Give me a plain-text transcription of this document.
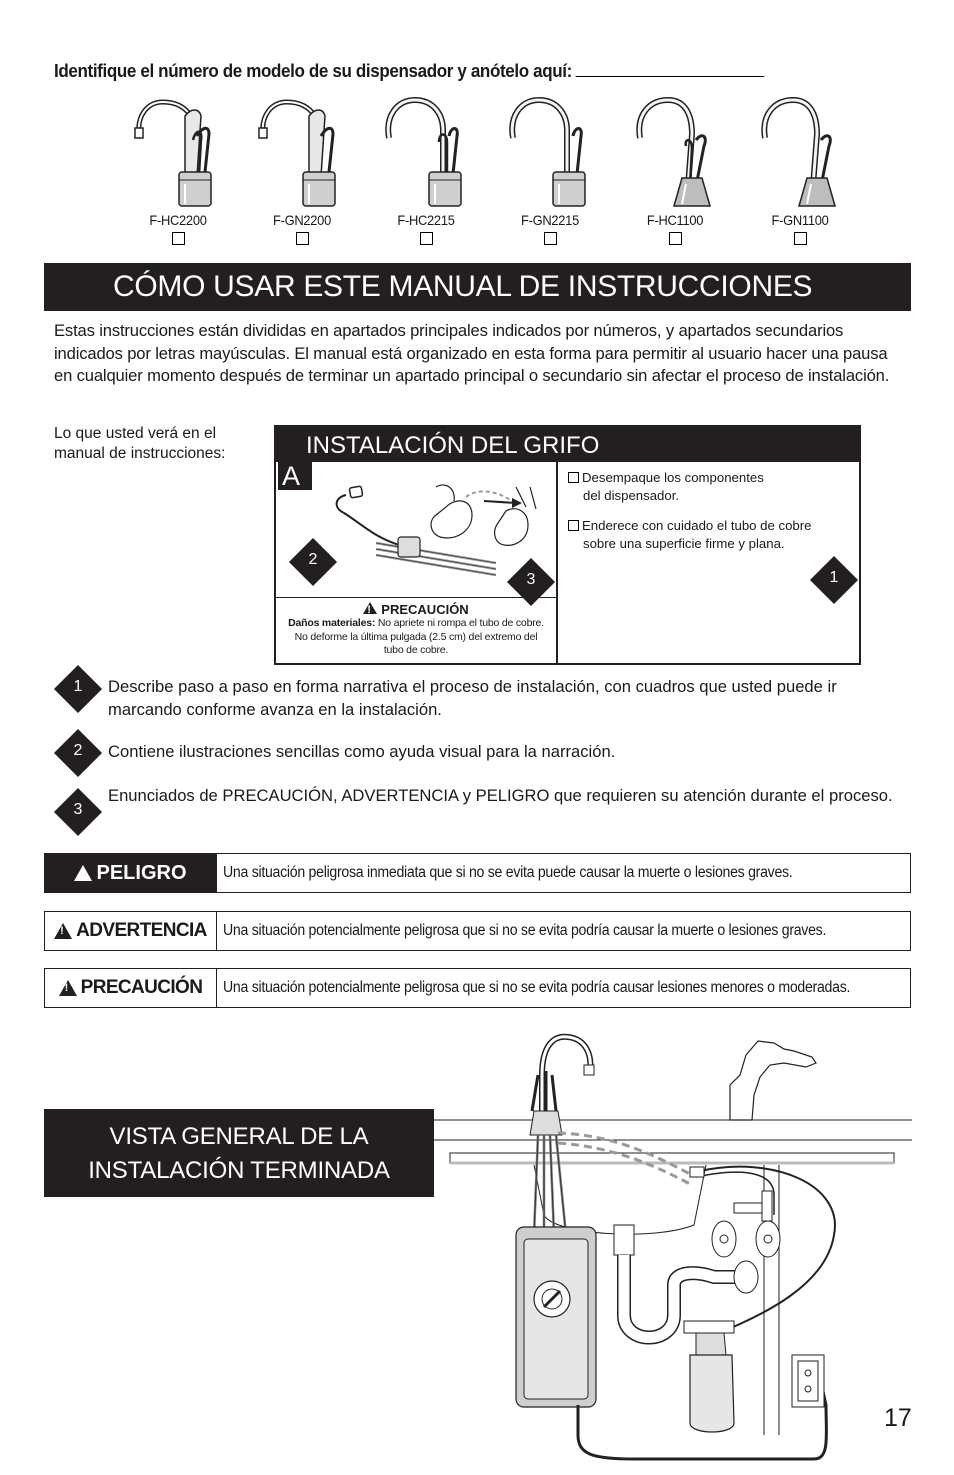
Identifique el número de modelo de su dispensador y anótelo aquí:
F-HC2200	F-GN2200	F-HC2215	F-GN2215	F-HC1100	F-GN1100
CÓMO USAR ESTE MANUAL DE INSTRUCCIONES
Estas instrucciones están divididas en apartados principales indicados por números, y apartados secundarios indicados por letras mayúsculas. El manual está organizado en esta forma para permitir al usuario hacer una pausa en cualquier momento después de terminar un apartado principal o secundario sin afectar el proceso de instalación.
Lo que usted verá en el manual de instrucciones:	INSTALACIÓN DEL GRIFO
A
2
3	1
Desempaque los componentes
del dispensador.
Enderece con cuidado el tubo de cobre
sobre una superficie firme y plana.
!PRECAUCIÓN
Daños materiales: No apriete ni rompa el tubo de cobre. No deforme la última pulgada (2.5 cm) del extremo del tubo de cobre.
1	Describe paso a paso en forma narrativa el proceso de instalación, con cuadros que usted puede ir marcando conforme avanza en la instalación.
2	Contiene ilustraciones sencillas como ayuda visual para la narración.
3
Enunciados de PRECAUCIÓN, ADVERTENCIA y PELIGRO que requieren su atención durante el proceso.
!
PELIGRO Una situación peligrosa inmediata que si no se evita puede causar la muerte o lesiones graves.
!
ADVERTENCIA Una situación potencialmente peligrosa que si no se evita podría causar la muerte o lesiones graves.
!
PRECAUCIÓN Una situación potencialmente peligrosa que si no se evita podría causar lesiones menores o moderadas.
VISTA GENERAL DE LA
INSTALACIÓN TERMINADA
17
